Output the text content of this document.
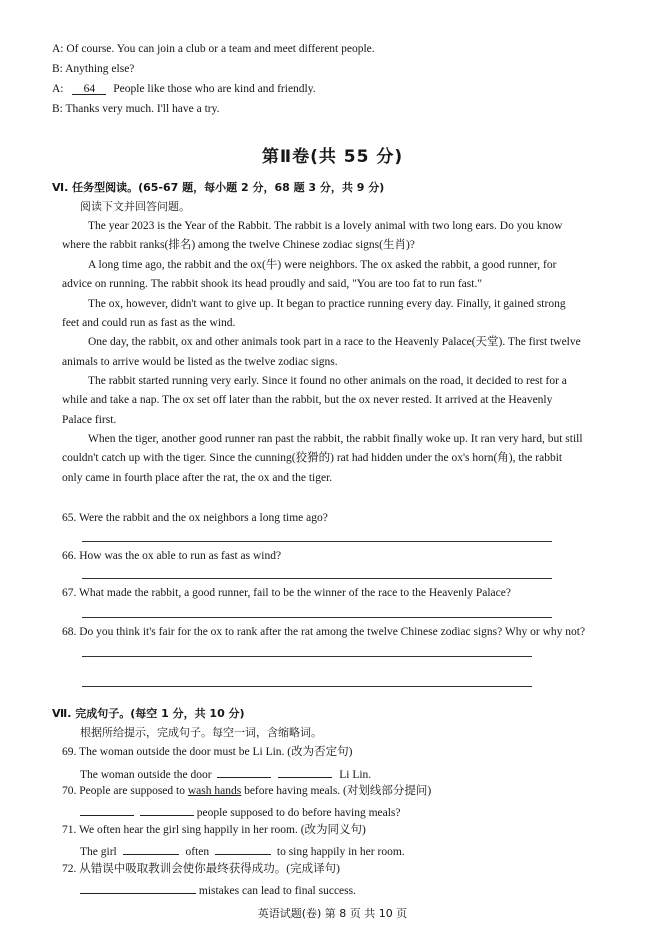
A: Of course. You can join a club or a team and meet different people.
B: Anything else?
A: 64 People like those who are kind and friendly.
B: Thanks very much. I'll have a try.
第Ⅱ卷(共 55 分)
Ⅵ. 任务型阅读。(65-67 题，每小题 2 分，68 题 3 分，共 9 分)
阅读下文并回答问题。
The year 2023 is the Year of the Rabbit. The rabbit is a lovely animal with two long ears. Do you know
where the rabbit ranks(排名) among the twelve Chinese zodiac signs(生肖)?
A long time ago, the rabbit and the ox(牛) were neighbors. The ox asked the rabbit, a good runner, for
advice on running. The rabbit shook its head proudly and said, "You are too fat to run fast."
The ox, however, didn't want to give up. It began to practice running every day. Finally, it gained strong
feet and could run as fast as the wind.
One day, the rabbit, ox and other animals took part in a race to the Heavenly Palace(天堂). The first twelve
animals to arrive would be listed as the twelve zodiac signs.
The rabbit started running very early. Since it found no other animals on the road, it decided to rest for a
while and take a nap. The ox set off later than the rabbit, but the ox never rested. It arrived at the Heavenly
Palace first.
When the tiger, another good runner ran past the rabbit, the rabbit finally woke up. It ran very hard, but still
couldn't catch up with the tiger. Since the cunning(狡猾的) rat had hidden under the ox's horn(角), the rabbit
only came in fourth place after the rat, the ox and the tiger.
65. Were the rabbit and the ox neighbors a long time ago?
66. How was the ox able to run as fast as wind?
67. What made the rabbit, a good runner, fail to be the winner of the race to the Heavenly Palace?
68. Do you think it's fair for the ox to rank after the rat among the twelve Chinese zodiac signs? Why or why not?
Ⅶ. 完成句子。(每空 1 分，共 10 分)
根据所给提示，完成句子。每空一词，含缩略词。
69. The woman outside the door must be Li Lin. (改为否定句)
The woman outside the door	Li Lin.
70. People are supposed to wash hands before having meals. (对划线部分提问)
people supposed to do before having meals?
71. We often hear the girl sing happily in her room. (改为同义句)
The girl	often	to sing happily in her room.
72. 从错误中吸取教训会使你最终获得成功。(完成译句)
mistakes can lead to final success.
英语试题(卷) 第 8 页 共 10 页
